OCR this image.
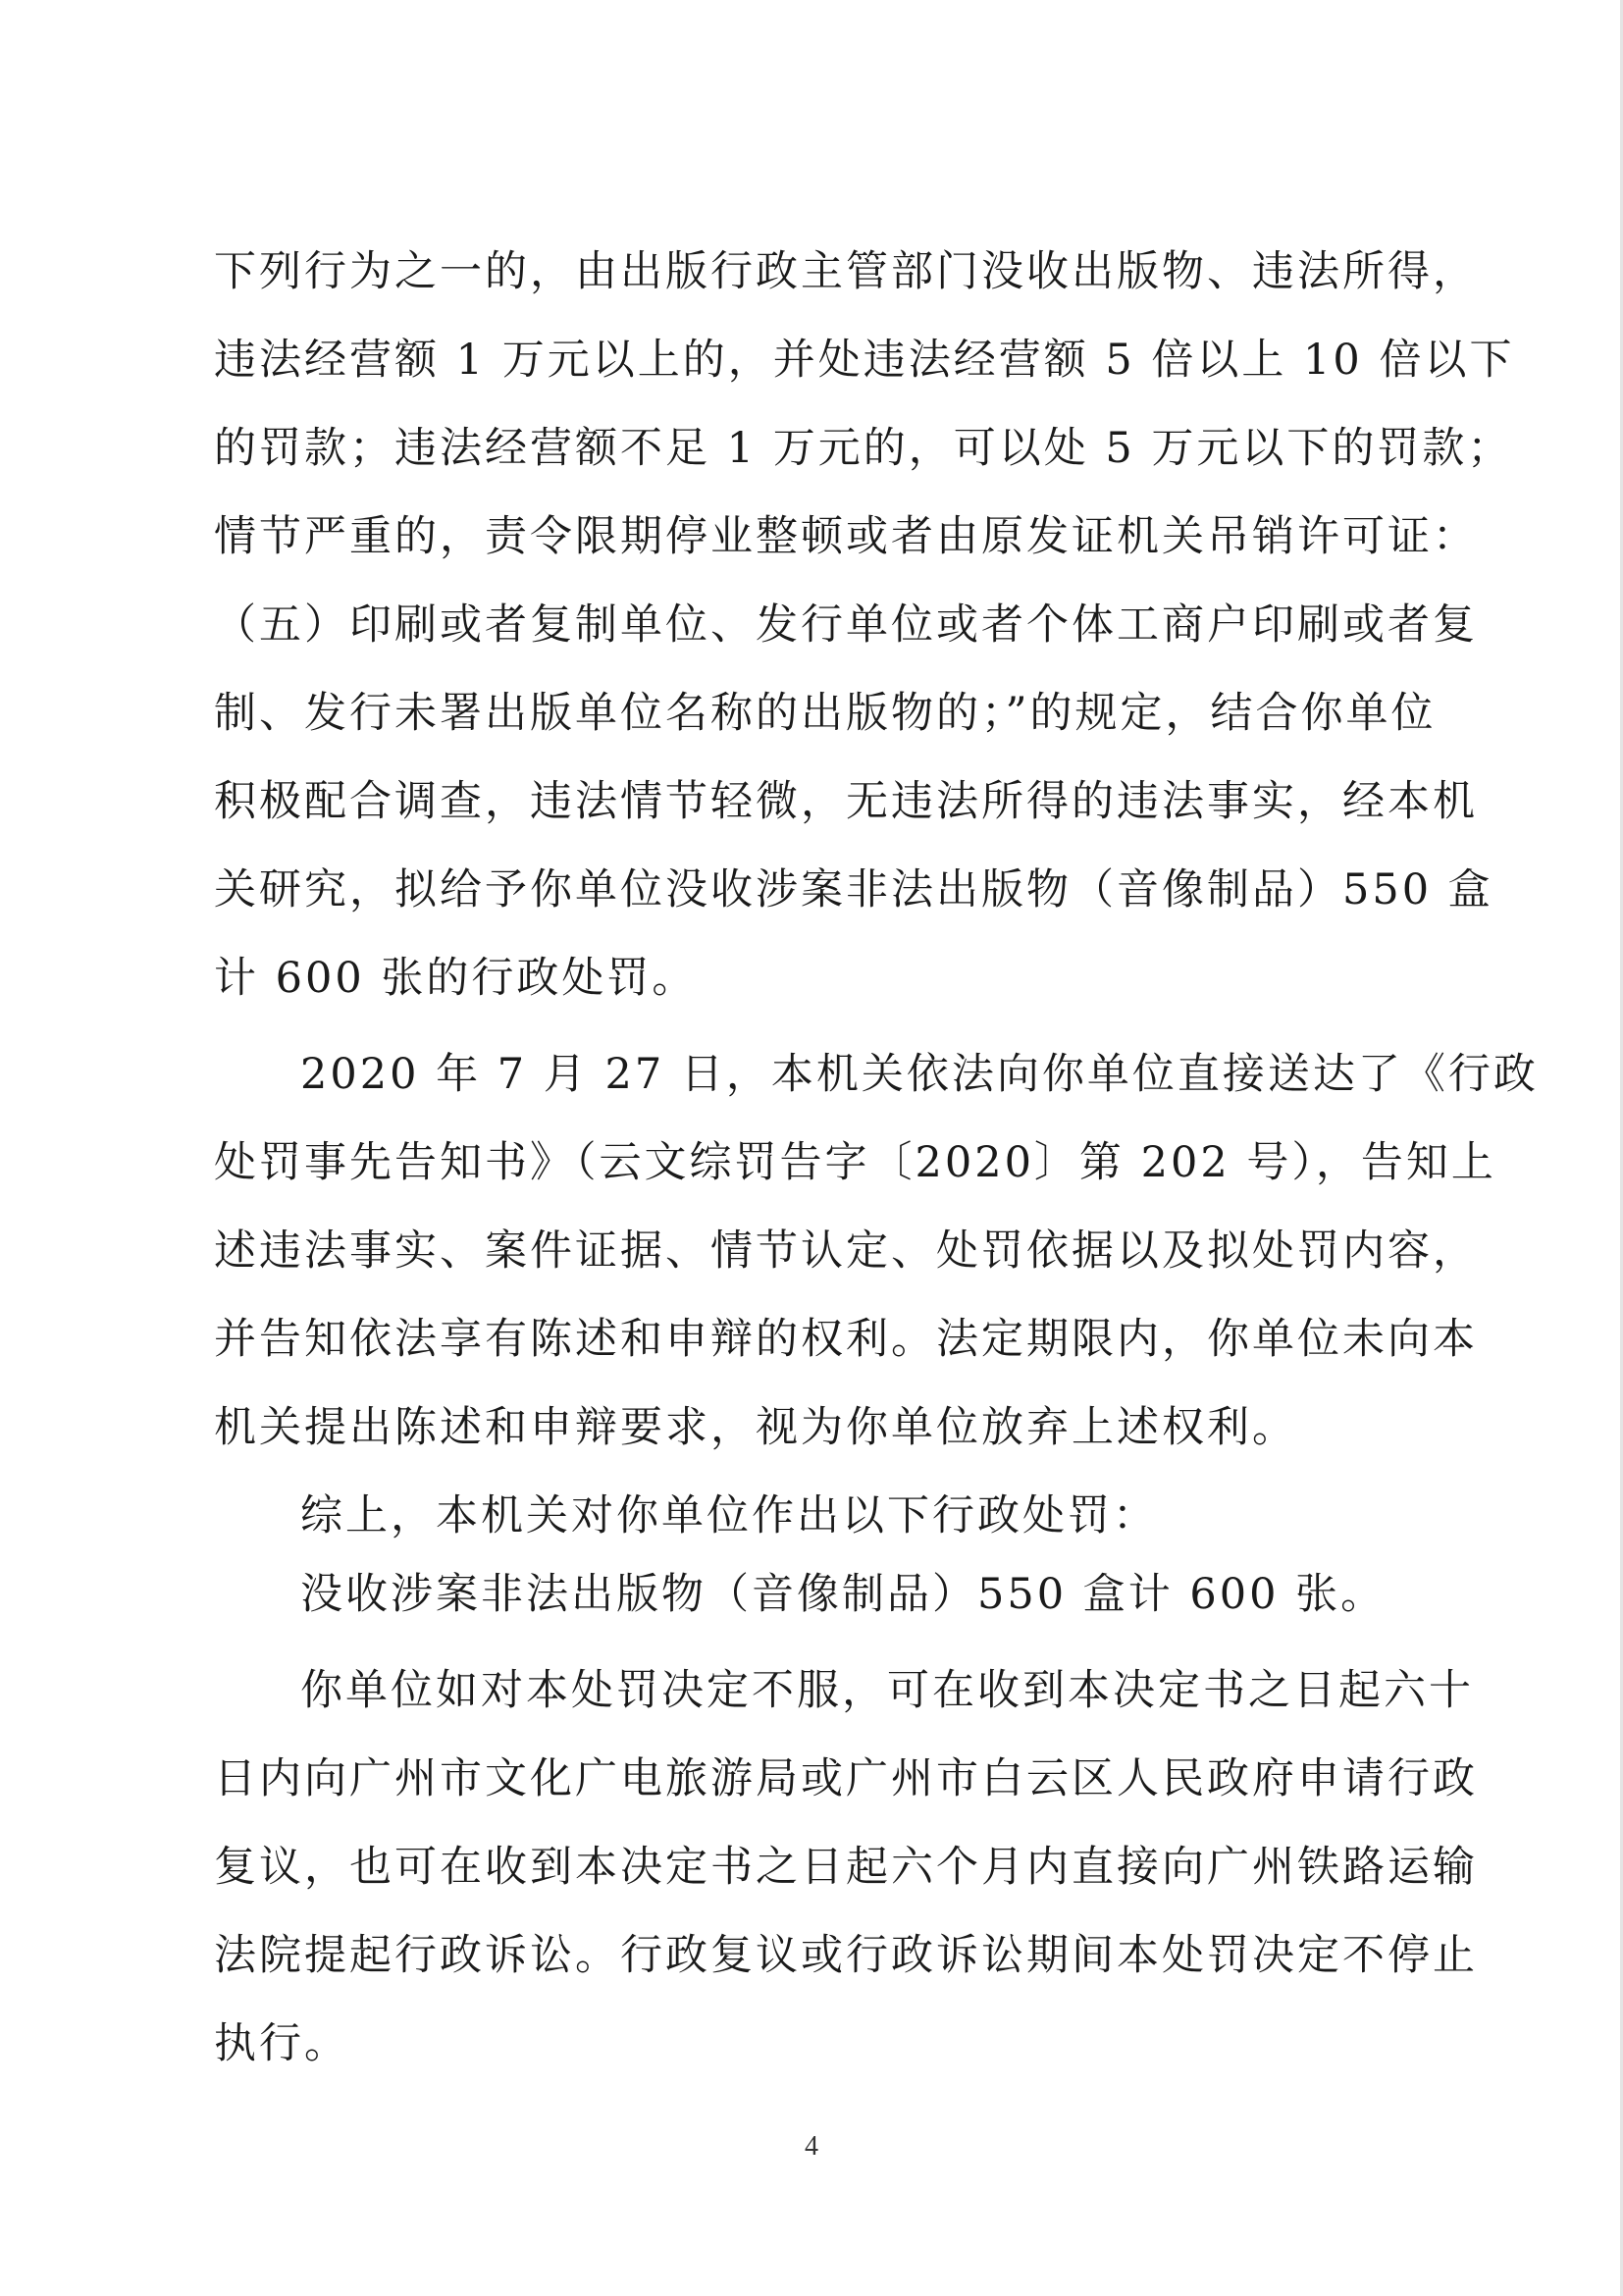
下列行为之一的，由出版行政主管部门没收出版物、违法所得，
违法经营额 1 万元以上的，并处违法经营额 5 倍以上 10 倍以下
的罚款；违法经营额不足 1 万元的，可以处 5 万元以下的罚款；
情节严重的，责令限期停业整顿或者由原发证机关吊销许可证：
（五）印刷或者复制单位、发行单位或者个体工商户印刷或者复
制、发行未署出版单位名称的出版物的；”的规定，结合你单位
积极配合调查，违法情节轻微，无违法所得的违法事实，经本机
关研究，拟给予你单位没收涉案非法出版物（音像制品）550 盒
计 600 张的行政处罚。
2020 年 7 月 27 日，本机关依法向你单位直接送达了《行政
处罚事先告知书》（云文综罚告字〔2020〕第 202 号），告知上
述违法事实、案件证据、情节认定、处罚依据以及拟处罚内容，
并告知依法享有陈述和申辩的权利。法定期限内，你单位未向本
机关提出陈述和申辩要求，视为你单位放弃上述权利。
综上，本机关对你单位作出以下行政处罚：
没收涉案非法出版物（音像制品）550 盒计 600 张。
你单位如对本处罚决定不服，可在收到本决定书之日起六十
日内向广州市文化广电旅游局或广州市白云区人民政府申请行政
复议，也可在收到本决定书之日起六个月内直接向广州铁路运输
法院提起行政诉讼。行政复议或行政诉讼期间本处罚决定不停止
执行。
4
